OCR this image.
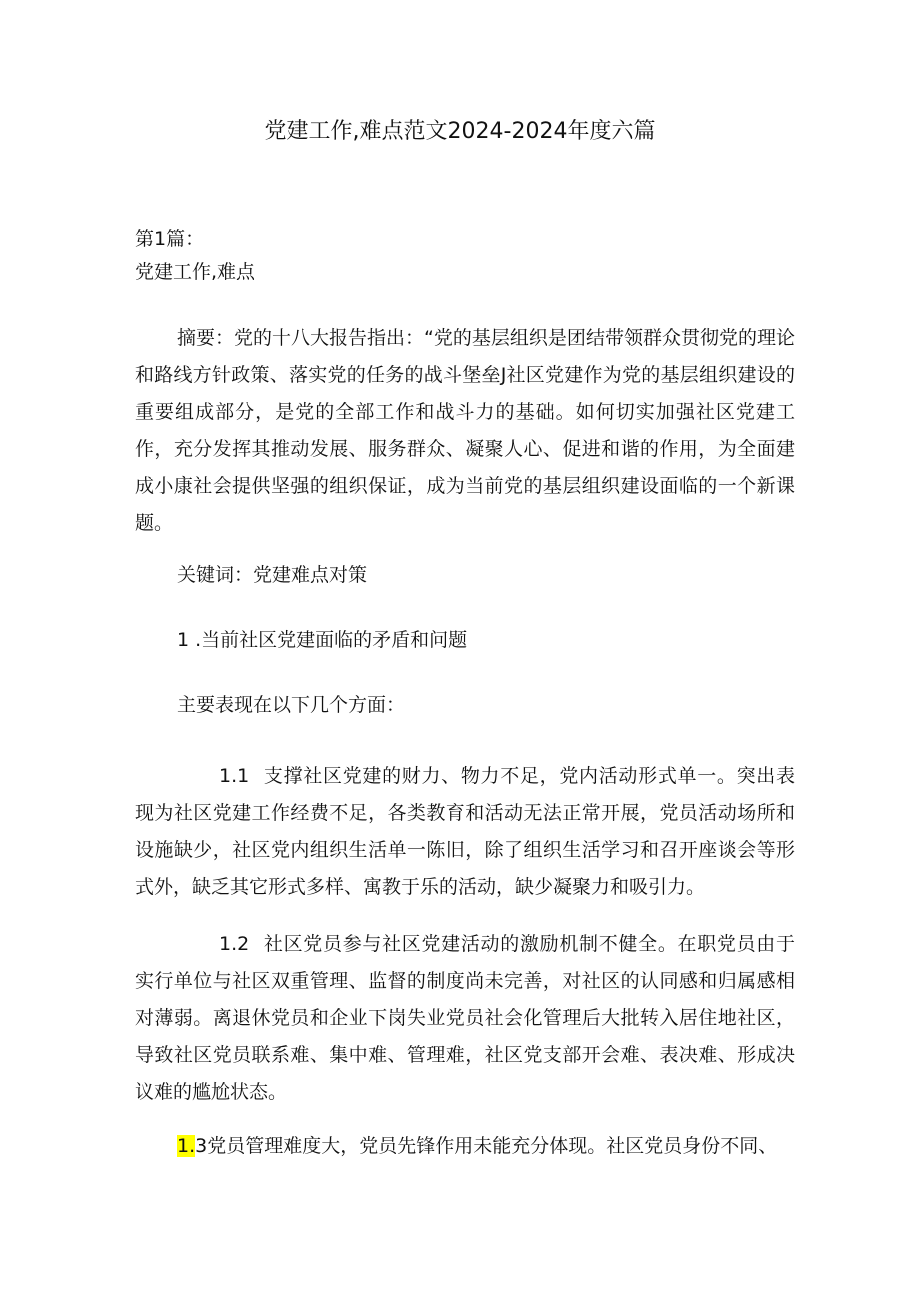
党建工作,难点范文2024-2024年度六篇
第1篇：
党建工作,难点

摘要：党的十八大报告指出：“党的基层组织是团结带领群众贯彻党的理论和路线方针政策、落实党的任务的战斗堡垒J社区党建作为党的基层组织建设的重要组成部分，是党的全部工作和战斗力的基础。如何切实加强社区党建工作，充分发挥其推动发展、服务群众、凝聚人心、促进和谐的作用，为全面建成小康社会提供坚强的组织保证，成为当前党的基层组织建设面临的一个新课题。

关键词：党建难点对策
1 .当前社区党建面临的矛盾和问题
主要表现在以下几个方面：

1.1 支撑社区党建的财力、物力不足，党内活动形式单一。突出表现为社区党建工作经费不足，各类教育和活动无法正常开展，党员活动场所和设施缺少，社区党内组织生活单一陈旧，除了组织生活学习和召开座谈会等形式外，缺乏其它形式多样、寓教于乐的活动，缺少凝聚力和吸引力。

1.2 社区党员参与社区党建活动的激励机制不健全。在职党员由于实行单位与社区双重管理、监督的制度尚未完善，对社区的认同感和归属感相对薄弱。离退休党员和企业下岗失业党员社会化管理后大批转入居住地社区，导致社区党员联系难、集中难、管理难，社区党支部开会难、表决难、形成决议难的尴尬状态。

1.3党员管理难度大，党员先锋作用未能充分体现。社区党员身份不同、
